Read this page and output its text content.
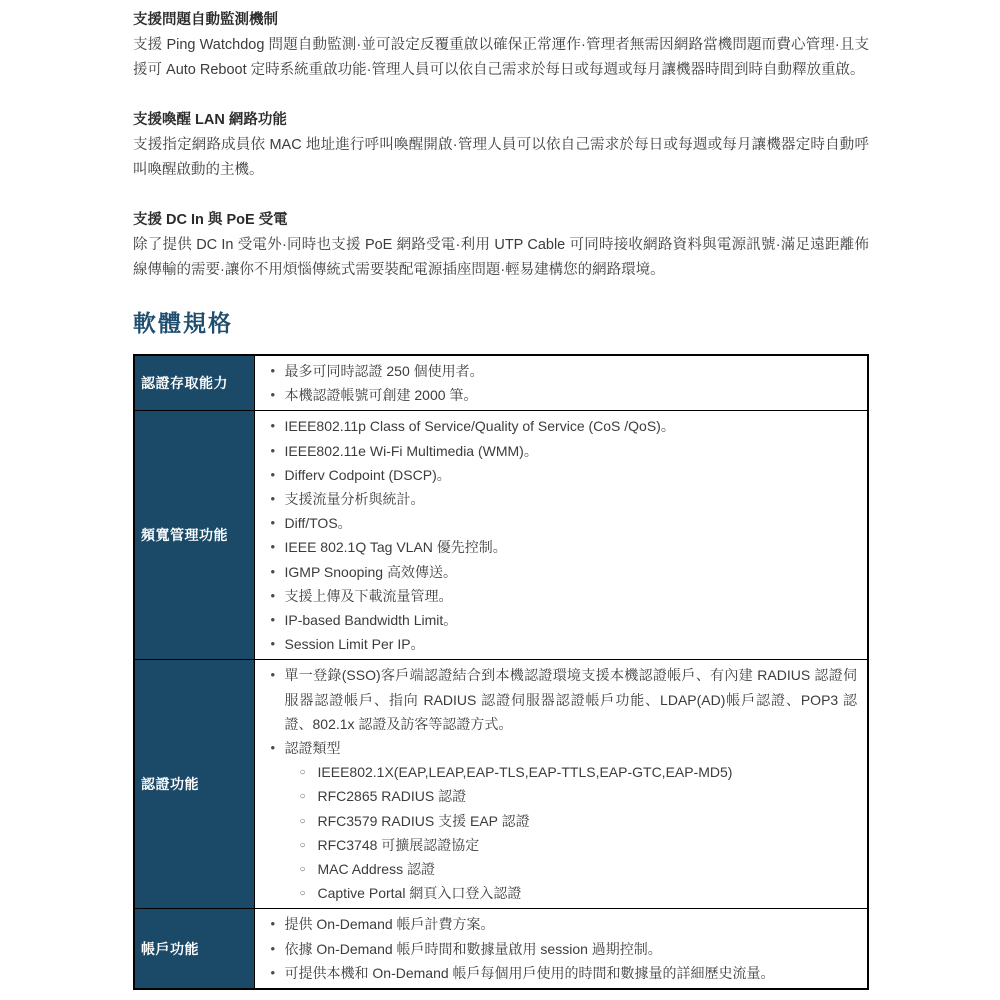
支援問題自動監測機制

支援 Ping Watchdog 問題自動監測·並可設定反覆重啟以確保正常運作·管理者無需因網路當機問題而費心管理·且支援可 Auto Reboot 定時系統重啟功能·管理人員可以依自己需求於每日或每週或每月讓機器時間到時自動釋放重啟。

支援喚醒 LAN 網路功能

支援指定網路成員依 MAC 地址進行呼叫喚醒開啟·管理人員可以依自己需求於每日或每週或每月讓機器定時自動呼叫喚醒啟動的主機。

支援 DC In 與 PoE 受電

除了提供 DC In 受電外·同時也支援 PoE 網路受電·利用 UTP Cable 可同時接收網路資料與電源訊號·滿足遠距離佈線傳輸的需要·讓你不用煩惱傳統式需要裝配電源插座問題·輕易建構您的網路環境。

軟體規格
認證存取能力	
• 最多可同時認證 250 個使用者。
• 本機認證帳號可創建 2000 筆。

頻寬管理功能	
• IEEE802.11p Class of Service/Quality of Service (CoS /QoS)。
• IEEE802.11e Wi-Fi Multimedia (WMM)。
• Differv Codpoint (DSCP)。
• 支援流量分析與統計。
• Diff/TOS。
• IEEE 802.1Q Tag VLAN 優先控制。
• IGMP Snooping 高效傳送。
• 支援上傳及下載流量管理。
• IP-based Bandwidth Limit。
• Session Limit Per IP。

認證功能	
• 單一登錄(SSO)客戶端認證結合到本機認證環境支援本機認證帳戶、有內建 RADIUS 認證伺服器認證帳戶、指向 RADIUS 認證伺服器認證帳戶功能、LDAP(AD)帳戶認證、POP3 認證、802.1x 認證及訪客等認證方式。
• 認證類型
○ IEEE802.1X(EAP,LEAP,EAP-TLS,EAP-TTLS,EAP-GTC,EAP-MD5)
○ RFC2865 RADIUS 認證
○ RFC3579 RADIUS 支援 EAP 認證
○ RFC3748 可擴展認證協定
○ MAC Address 認證
○ Captive Portal 網頁入口登入認證

帳戶功能	
• 提供 On-Demand 帳戶計費方案。
• 依據 On-Demand 帳戶時間和數據量啟用 session 過期控制。
• 可提供本機和 On-Demand 帳戶每個用戶使用的時間和數據量的詳細歷史流量。
